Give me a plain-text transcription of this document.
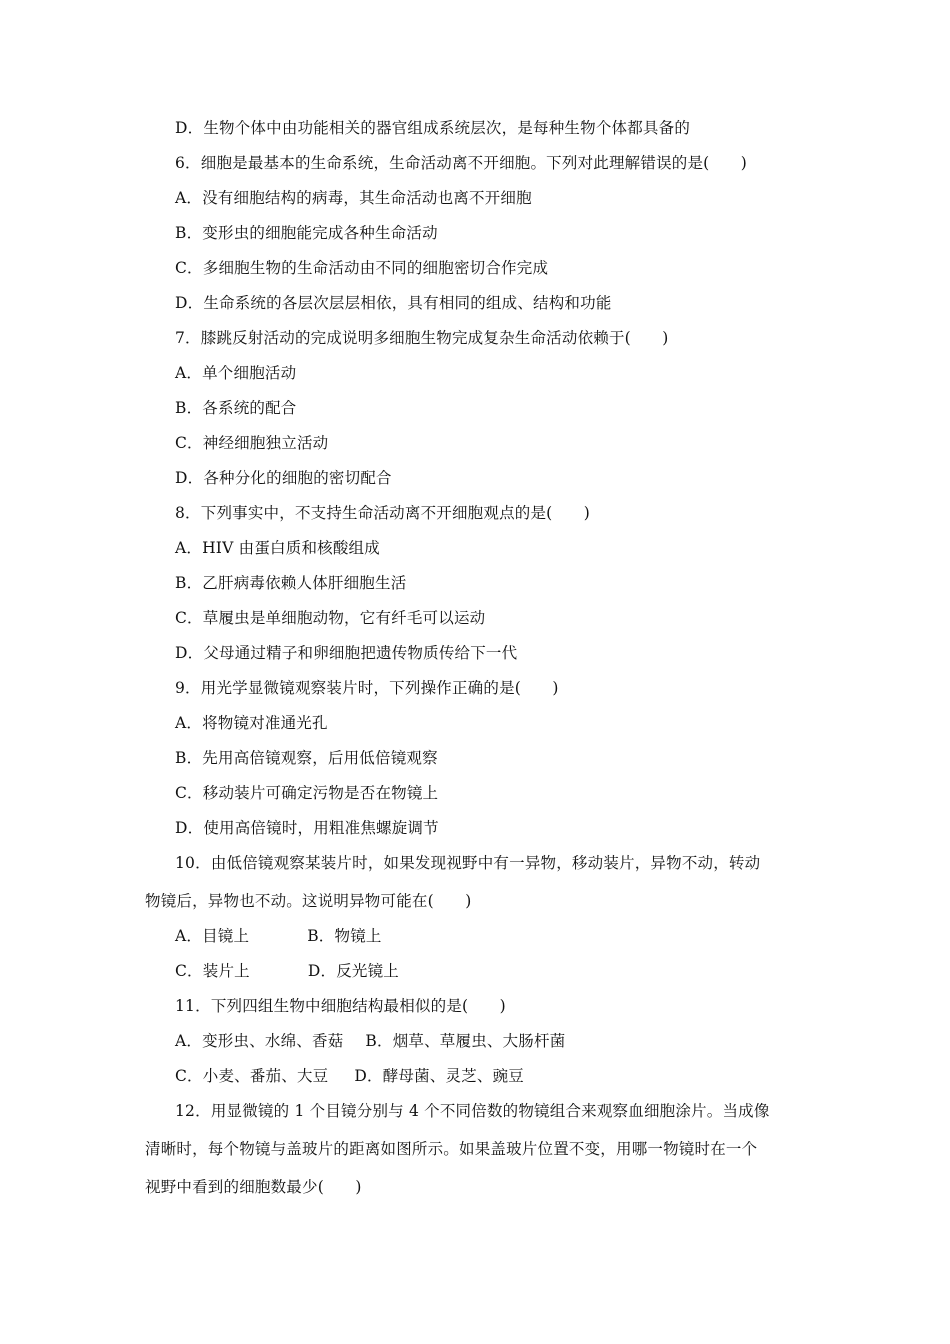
D．生物个体中由功能相关的器官组成系统层次，是每种生物个体都具备的
6．细胞是最基本的生命系统，生命活动离不开细胞。下列对此理解错误的是(　　)
A．没有细胞结构的病毒，其生命活动也离不开细胞
B．变形虫的细胞能完成各种生命活动
C．多细胞生物的生命活动由不同的细胞密切合作完成
D．生命系统的各层次层层相依，具有相同的组成、结构和功能
7．膝跳反射活动的完成说明多细胞生物完成复杂生命活动依赖于(　　)
A．单个细胞活动
B．各系统的配合
C．神经细胞独立活动
D．各种分化的细胞的密切配合
8．下列事实中，不支持生命活动离不开细胞观点的是(　　)
A．HIV 由蛋白质和核酸组成
B．乙肝病毒依赖人体肝细胞生活
C．草履虫是单细胞动物，它有纤毛可以运动
D．父母通过精子和卵细胞把遗传物质传给下一代
9．用光学显微镜观察装片时，下列操作正确的是(　　)
A．将物镜对准通光孔
B．先用高倍镜观察，后用低倍镜观察
C．移动装片可确定污物是否在物镜上
D．使用高倍镜时，用粗准焦螺旋调节
10．由低倍镜观察某装片时，如果发现视野中有一异物，移动装片，异物不动，转动
物镜后，异物也不动。这说明异物可能在(　　)
A．目镜上	B．物镜上
C．装片上	D．反光镜上
11．下列四组生物中细胞结构最相似的是(　　)
A．变形虫、水绵、香菇 B．烟草、草履虫、大肠杆菌
C．小麦、番茄、大豆 D．酵母菌、灵芝、豌豆
12．用显微镜的 1 个目镜分别与 4 个不同倍数的物镜组合来观察血细胞涂片。当成像
清晰时，每个物镜与盖玻片的距离如图所示。如果盖玻片位置不变，用哪一物镜时在一个
视野中看到的细胞数最少(　　)
